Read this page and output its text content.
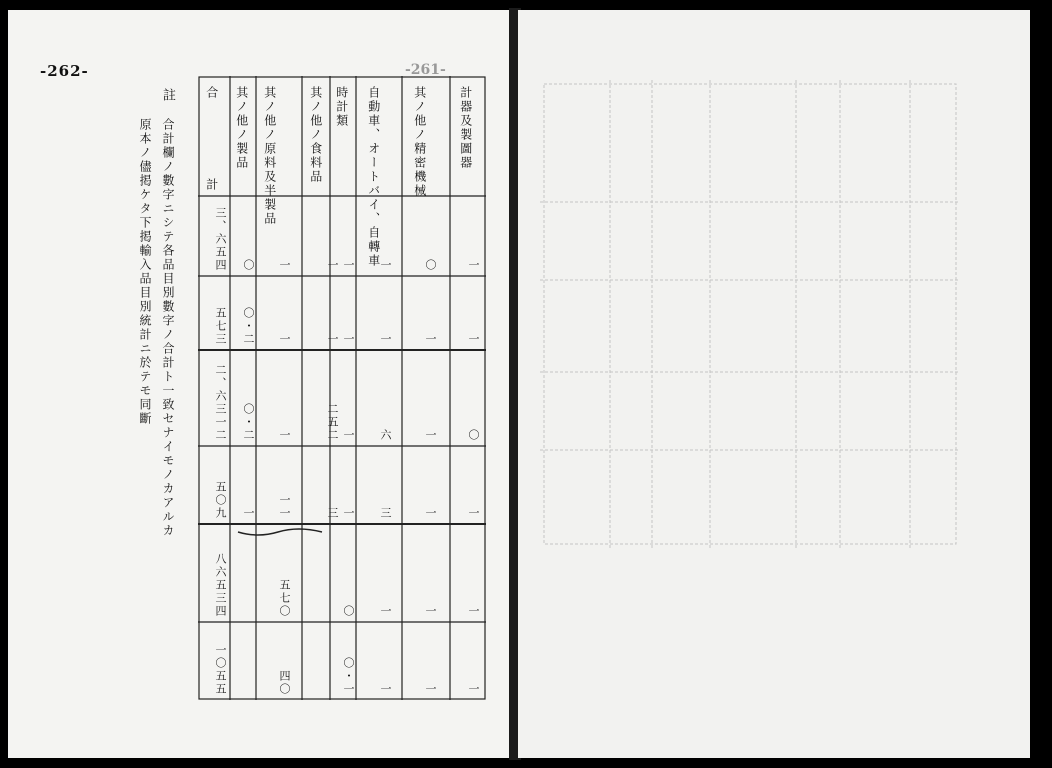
-262-
註
合計欄ノ數字ニシテ各品目別數字ノ合計ト一致セナイモノカアルカ
原本ノ儘掲ケタ下掲輸入品目別統計ニ於テモ同斷	計器及製圖器
其ノ他ノ精密機械
自動車、オートバイ、自轉車
時計類
其ノ他ノ食料品
其ノ他ノ原料及半製品
其ノ他ノ製品
合　計
一
〇
一
一
一
一
〇
三、六五四
一
一
一
一
一
一
〇・二
五七三
〇
一
六
一
二五二
一
〇・二
二、六三一二
一
一
三
一
三
一一
一
五〇九
一
一
一
〇
五七〇
八六五三四
一
一
一
〇・一
四〇
一〇五五
-261-
